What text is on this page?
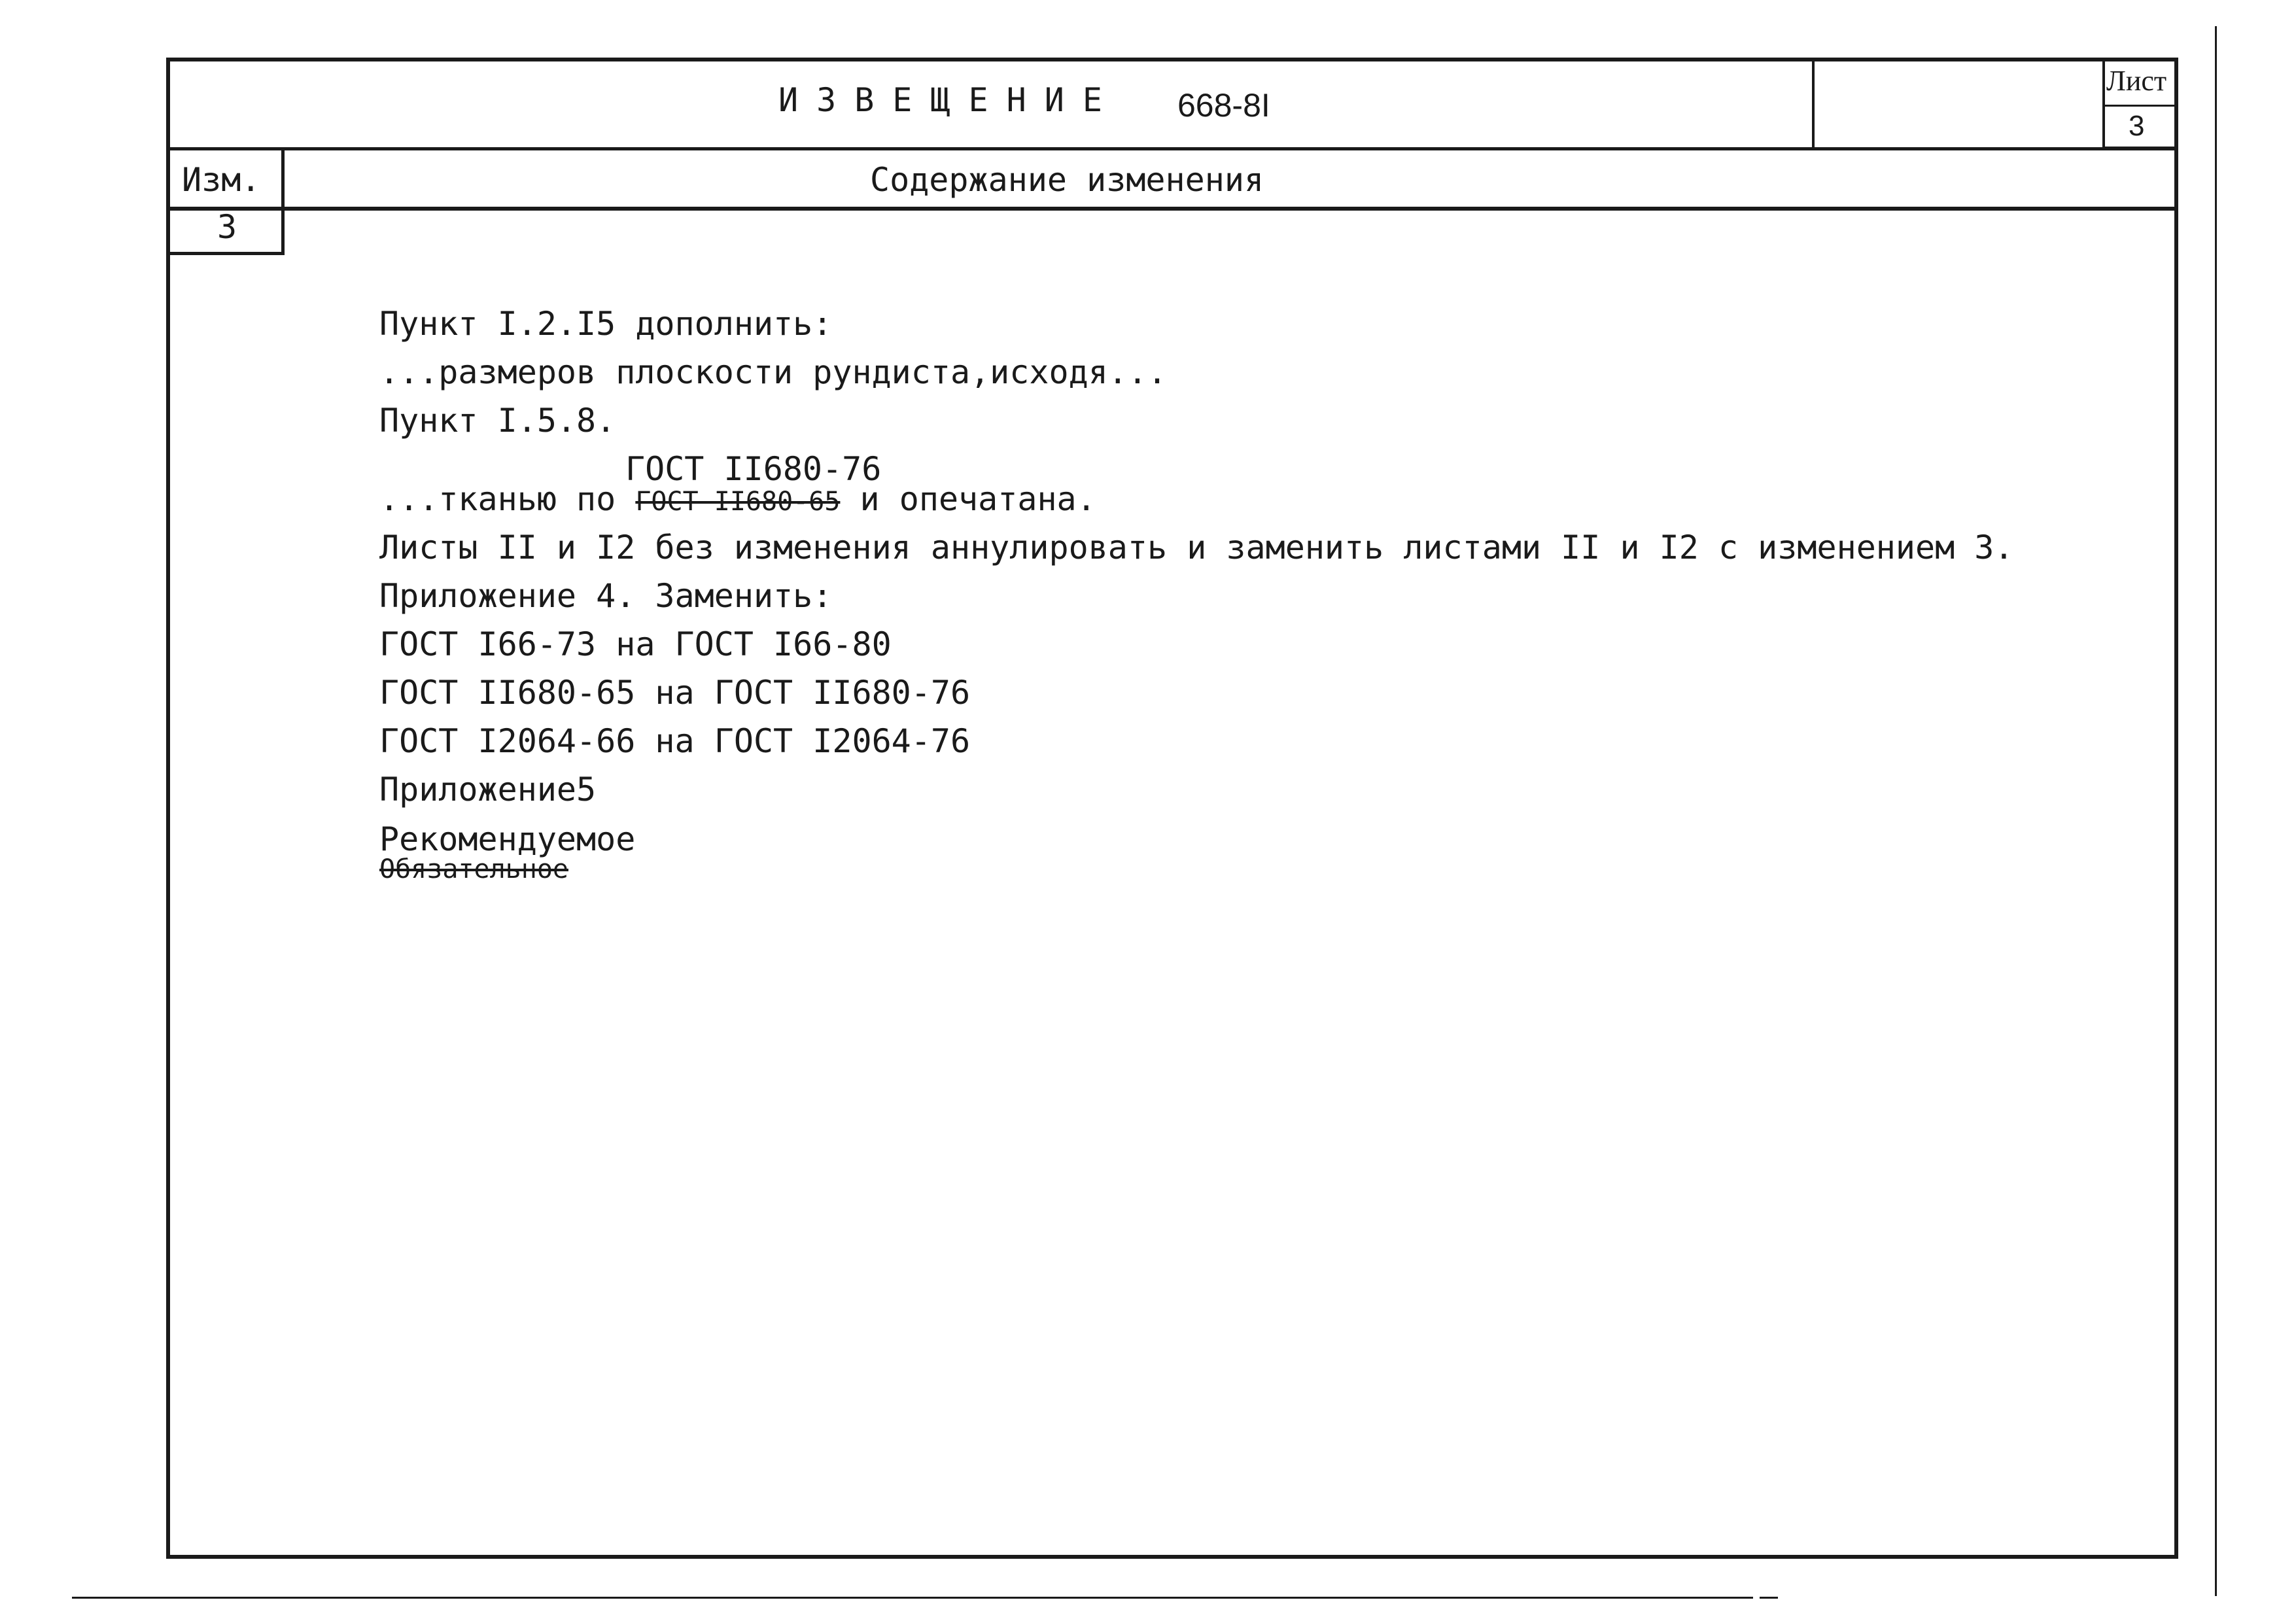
ИЗВЕЩЕНИЕ 668-8I
Лист
3
Изм.	Содержание изменения
3
Пункт I.2.I5 дополнить:
...размеров плоскости рундиста,исходя...
Пункт I.5.8.
ГОСТ II680-76
...тканью по ГОСТ II680-65 и опечатана.
Листы II и I2 без изменения аннулировать и заменить листами II и I2 с изменением 3.
Приложение 4. Заменить:
ГОСТ I66-73 на ГОСТ I66-80
ГОСТ II680-65 на ГОСТ II680-76
ГОСТ I2064-66 на ГОСТ I2064-76
Приложение5
Рекомендуемое
Обязательное
